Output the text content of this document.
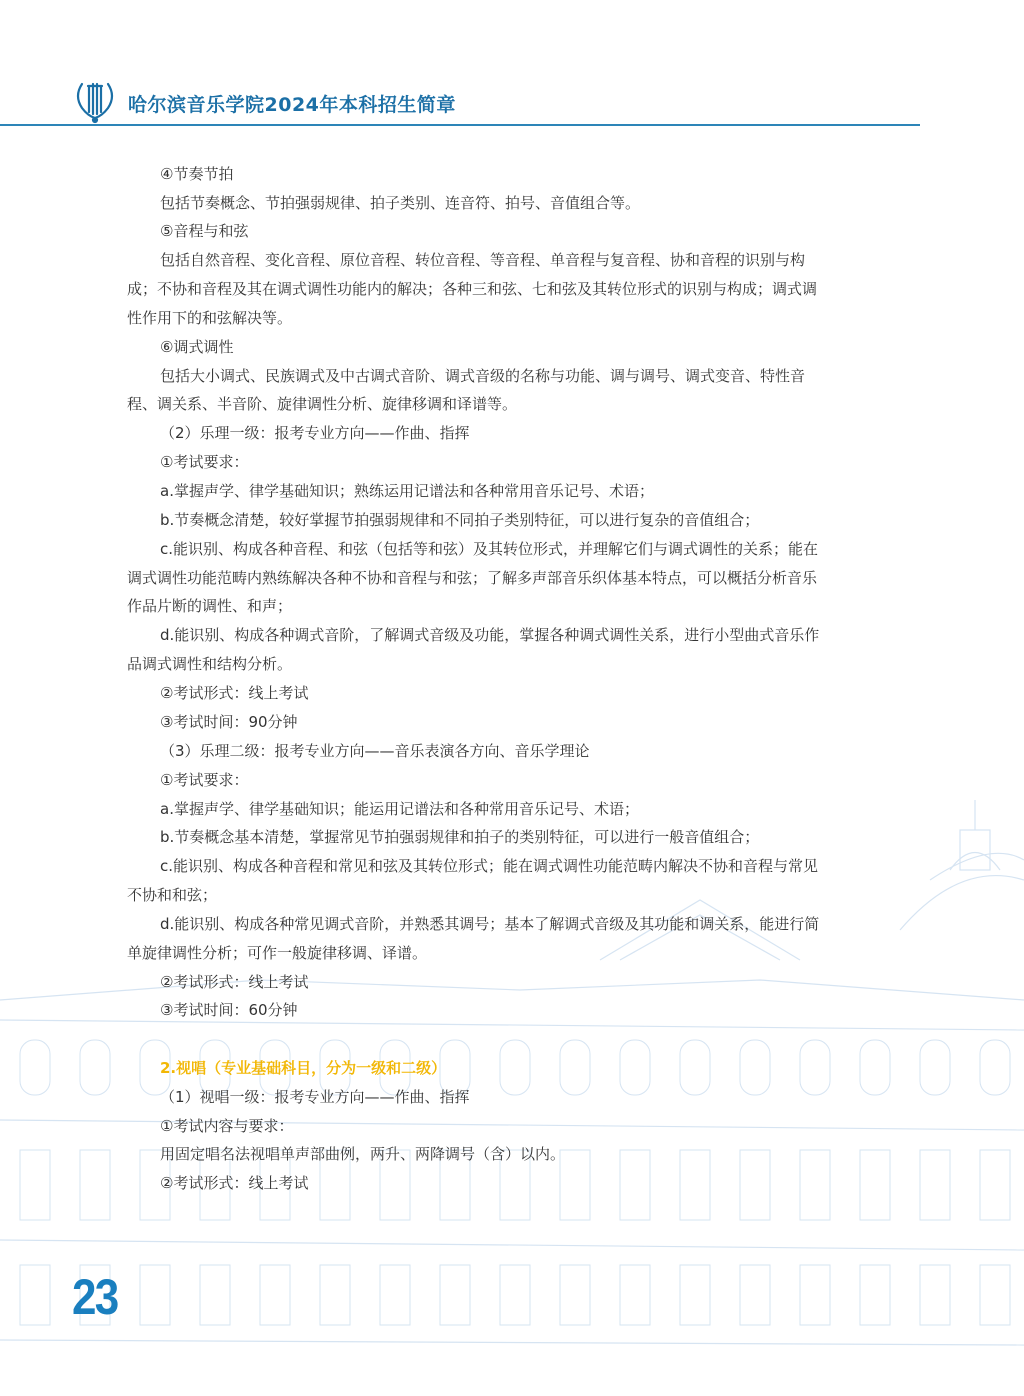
哈尔滨音乐学院2024年本科招生简章
④节奏节拍
包括节奏概念、节拍强弱规律、拍子类别、连音符、拍号、音值组合等。
⑤音程与和弦
包括自然音程、变化音程、原位音程、转位音程、等音程、单音程与复音程、协和音程的识别与构
成；不协和音程及其在调式调性功能内的解决；各种三和弦、七和弦及其转位形式的识别与构成；调式调
性作用下的和弦解决等。
⑥调式调性
包括大小调式、民族调式及中古调式音阶、调式音级的名称与功能、调与调号、调式变音、特性音
程、调关系、半音阶、旋律调性分析、旋律移调和译谱等。
（2）乐理一级：报考专业方向——作曲、指挥
①考试要求：
a.掌握声学、律学基础知识；熟练运用记谱法和各种常用音乐记号、术语；
b.节奏概念清楚，较好掌握节拍强弱规律和不同拍子类别特征，可以进行复杂的音值组合；
c.能识别、构成各种音程、和弦（包括等和弦）及其转位形式，并理解它们与调式调性的关系；能在
调式调性功能范畴内熟练解决各种不协和音程与和弦；了解多声部音乐织体基本特点，可以概括分析音乐
作品片断的调性、和声；
d.能识别、构成各种调式音阶，了解调式音级及功能，掌握各种调式调性关系，进行小型曲式音乐作
品调式调性和结构分析。
②考试形式：线上考试
③考试时间：90分钟
（3）乐理二级：报考专业方向——音乐表演各方向、音乐学理论
①考试要求：
a.掌握声学、律学基础知识；能运用记谱法和各种常用音乐记号、术语；
b.节奏概念基本清楚，掌握常见节拍强弱规律和拍子的类别特征，可以进行一般音值组合；
c.能识别、构成各种音程和常见和弦及其转位形式；能在调式调性功能范畴内解决不协和音程与常见
不协和和弦；
d.能识别、构成各种常见调式音阶，并熟悉其调号；基本了解调式音级及其功能和调关系，能进行简
单旋律调性分析；可作一般旋律移调、译谱。
②考试形式：线上考试
③考试时间：60分钟
2.视唱（专业基础科目，分为一级和二级）
（1）视唱一级：报考专业方向——作曲、指挥
①考试内容与要求：
用固定唱名法视唱单声部曲例，两升、两降调号（含）以内。
②考试形式：线上考试
23
